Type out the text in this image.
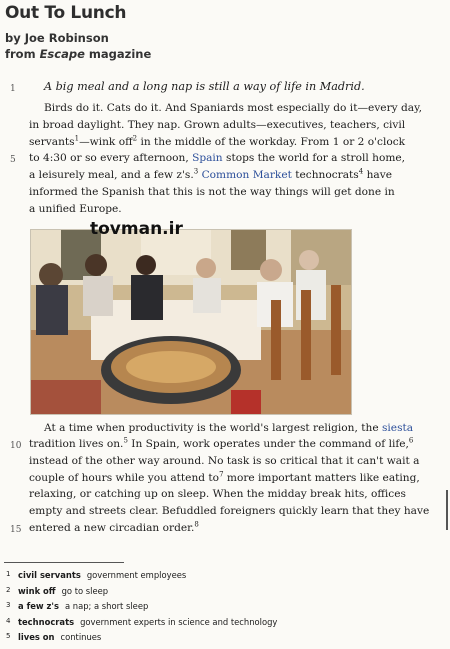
Out To Lunch
by Joe Robinson
from Escape magazine
1	A big meal and a long nap is still a way of life in Madrid.
Birds do it. Cats do it. And Spaniards most especially do it—every day,
in broad daylight. They nap. Grown adults—executives, teachers, civil
servants$^1$—wink off$^2$ in the middle of the workday. From 1 or 2 o'clock
5 to 4:30 or so every afternoon, Spain stops the world for a stroll home,
a leisurely meal, and a few z's.$^3$ Common Market technocrats$^4$ have
informed the Spanish that this is not the way things will get done in
a unified Europe.
tovman.ir
At a time when productivity is the world's largest religion, the siesta
10 tradition lives on.$^5$ In Spain, work operates under the command of life,$^6$
instead of the other way around. No task is so critical that it can't wait a
couple of hours while you attend $to^7$ more important matters like eating,
relaxing, or catching up on sleep. When the midday break hits, offices
empty and streets clear. Befuddled foreigners quickly learn that they have
15 entered a new circadian order.$^8$
1 civil servants government employees
2 wink off go to sleep
3 a few z's a nap; a short sleep
4 technocrats government experts in science and technology
5 lives on continues
